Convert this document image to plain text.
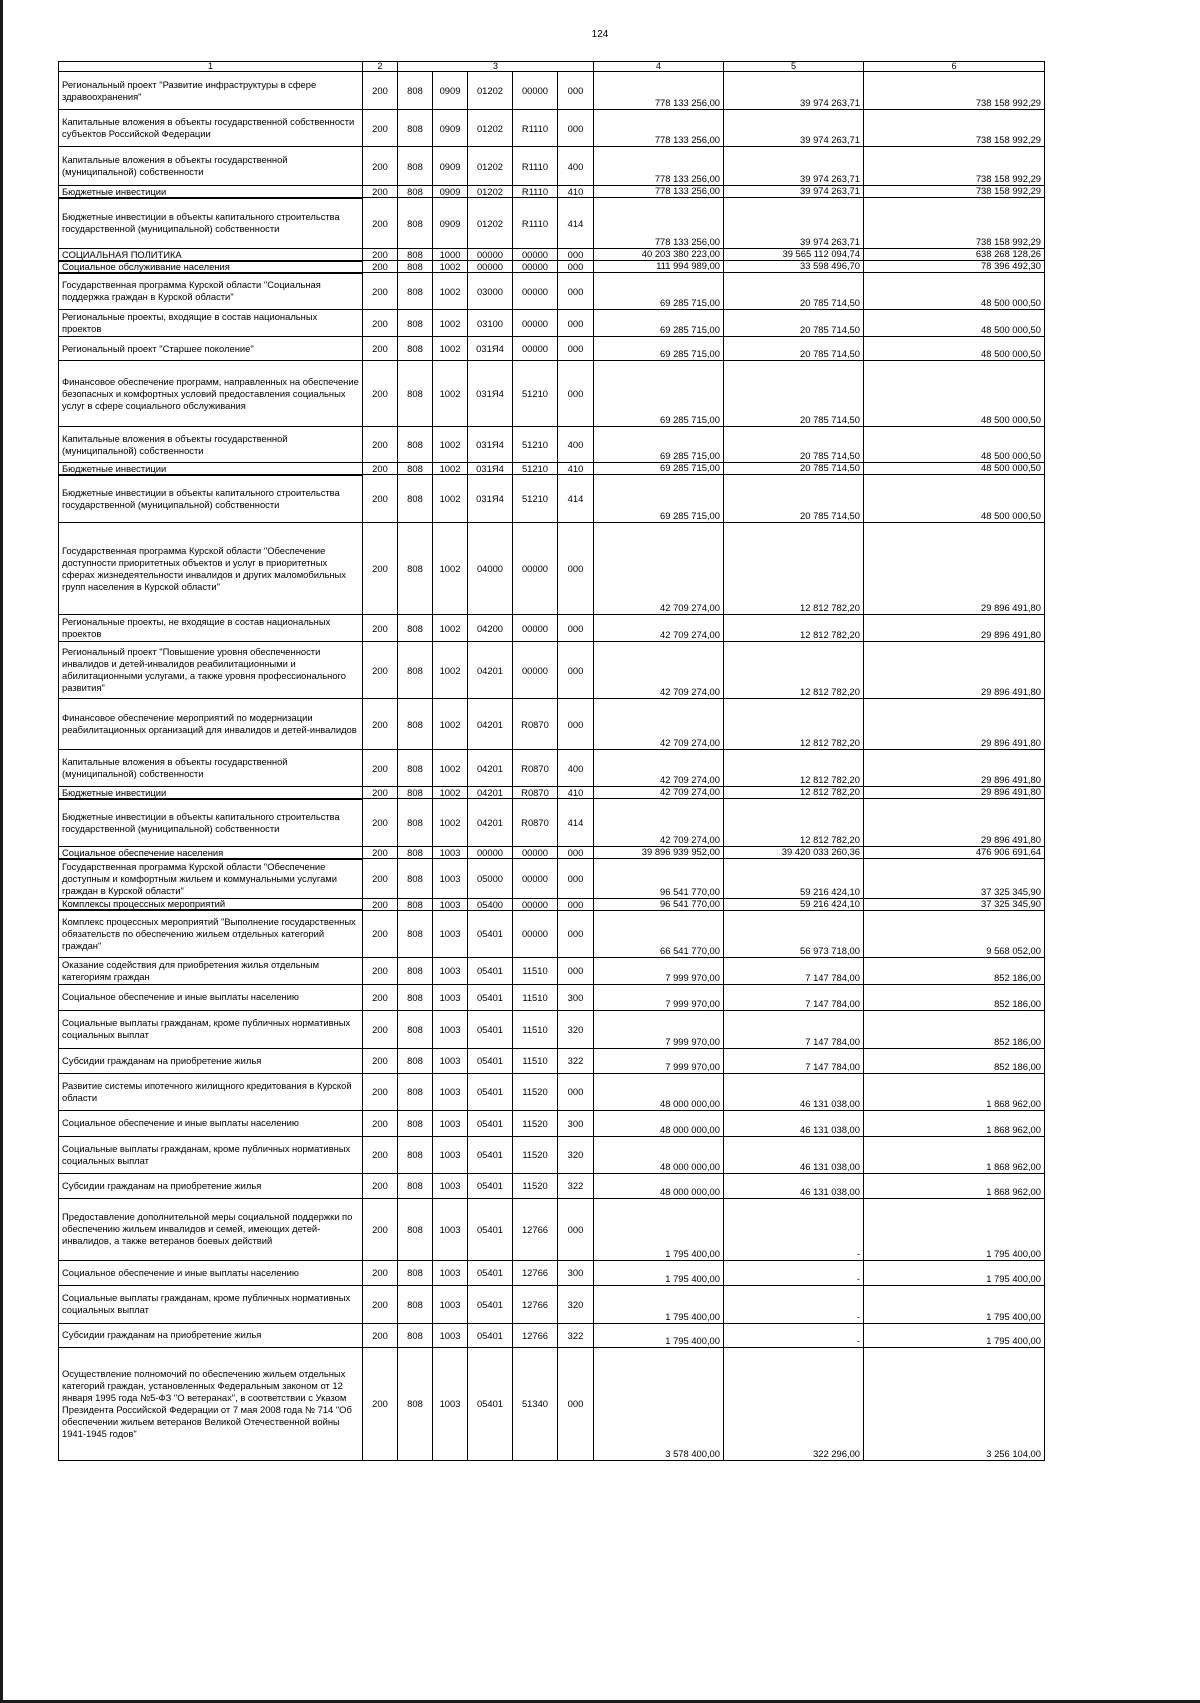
124
1	2	3					4	5	6
Региональный проект "Развитие инфраструктуры в сфере здравоохранения"	200	808	0909	01202	00000	000	778 133 256,00	39 974 263,71	738 158 992,29
Капитальные вложения в объекты государственной собственности субъектов Российской Федерации	200	808	0909	01202	R1110	000	778 133 256,00	39 974 263,71	738 158 992,29
Капитальные вложения в объекты государственной (муниципальной) собственности	200	808	0909	01202	R1110	400	778 133 256,00	39 974 263,71	738 158 992,29
Бюджетные инвестиции	200	808	0909	01202	R1110	410	778 133 256,00	39 974 263,71	738 158 992,29
Бюджетные инвестиции в объекты капитального строительства государственной (муниципальной) собственности	200	808	0909	01202	R1110	414	778 133 256,00	39 974 263,71	738 158 992,29
СОЦИАЛЬНАЯ ПОЛИТИКА	200	808	1000	00000	00000	000	40 203 380 223,00	39 565 112 094,74	638 268 128,26
Социальное обслуживание населения	200	808	1002	00000	00000	000	111 994 989,00	33 598 496,70	78 396 492,30
Государственная программа Курской области "Социальная поддержка граждан в Курской области"	200	808	1002	03000	00000	000	69 285 715,00	20 785 714,50	48 500 000,50
Региональные проекты, входящие в состав национальных проектов	200	808	1002	03100	00000	000	69 285 715,00	20 785 714,50	48 500 000,50
Региональный проект "Старшее поколение"	200	808	1002	031Я4	00000	000	69 285 715,00	20 785 714,50	48 500 000,50
Финансовое обеспечение программ, направленных на обеспечение безопасных и комфортных условий предоставления социальных услуг в сфере социального обслуживания	200	808	1002	031Я4	51210	000	69 285 715,00	20 785 714,50	48 500 000,50
Капитальные вложения в объекты государственной (муниципальной) собственности	200	808	1002	031Я4	51210	400	69 285 715,00	20 785 714,50	48 500 000,50
Бюджетные инвестиции	200	808	1002	031Я4	51210	410	69 285 715,00	20 785 714,50	48 500 000,50
Бюджетные инвестиции в объекты капитального строительства государственной (муниципальной) собственности	200	808	1002	031Я4	51210	414	69 285 715,00	20 785 714,50	48 500 000,50
Государственная программа Курской области "Обеспечение доступности приоритетных объектов и услуг в приоритетных сферах жизнедеятельности инвалидов и других маломобильных групп населения в Курской области"	200	808	1002	04000	00000	000	42 709 274,00	12 812 782,20	29 896 491,80
Региональные проекты, не входящие в состав национальных проектов	200	808	1002	04200	00000	000	42 709 274,00	12 812 782,20	29 896 491,80
Региональный проект "Повышение уровня обеспеченности инвалидов и детей-инвалидов реабилитационными и абилитационными услугами, а также уровня профессионального развития"	200	808	1002	04201	00000	000	42 709 274,00	12 812 782,20	29 896 491,80
Финансовое обеспечение мероприятий по модернизации реабилитационных организаций для инвалидов и детей-инвалидов	200	808	1002	04201	R0870	000	42 709 274,00	12 812 782,20	29 896 491,80
Капитальные вложения в объекты государственной (муниципальной) собственности	200	808	1002	04201	R0870	400	42 709 274,00	12 812 782,20	29 896 491,80
Бюджетные инвестиции	200	808	1002	04201	R0870	410	42 709 274,00	12 812 782,20	29 896 491,80
Бюджетные инвестиции в объекты капитального строительства государственной (муниципальной) собственности	200	808	1002	04201	R0870	414	42 709 274,00	12 812 782,20	29 896 491,80
Социальное обеспечение населения	200	808	1003	00000	00000	000	39 896 939 952,00	39 420 033 260,36	476 906 691,64
Государственная программа Курской области "Обеспечение доступным и комфортным жильем и коммунальными услугами граждан в Курской области"	200	808	1003	05000	00000	000	96 541 770,00	59 216 424,10	37 325 345,90
Комплексы процессных мероприятий	200	808	1003	05400	00000	000	96 541 770,00	59 216 424,10	37 325 345,90
Комплекс процессных мероприятий "Выполнение государственных обязательств по обеспечению жильем отдельных категорий граждан"	200	808	1003	05401	00000	000	66 541 770,00	56 973 718,00	9 568 052,00
Оказание содействия для приобретения жилья отдельным категориям граждан	200	808	1003	05401	11510	000	7 999 970,00	7 147 784,00	852 186,00
Социальное обеспечение и иные выплаты населению	200	808	1003	05401	11510	300	7 999 970,00	7 147 784,00	852 186,00
Социальные выплаты гражданам, кроме публичных нормативных социальных выплат	200	808	1003	05401	11510	320	7 999 970,00	7 147 784,00	852 186,00
Субсидии гражданам на приобретение жилья	200	808	1003	05401	11510	322	7 999 970,00	7 147 784,00	852 186,00
Развитие системы ипотечного жилищного кредитования в Курской области	200	808	1003	05401	11520	000	48 000 000,00	46 131 038,00	1 868 962,00
Социальное обеспечение и иные выплаты населению	200	808	1003	05401	11520	300	48 000 000,00	46 131 038,00	1 868 962,00
Социальные выплаты гражданам, кроме публичных нормативных социальных выплат	200	808	1003	05401	11520	320	48 000 000,00	46 131 038,00	1 868 962,00
Субсидии гражданам на приобретение жилья	200	808	1003	05401	11520	322	48 000 000,00	46 131 038,00	1 868 962,00
Предоставление дополнительной меры социальной поддержки по обеспечению жильем инвалидов и семей, имеющих детей-инвалидов, а также ветеранов боевых действий	200	808	1003	05401	12766	000	1 795 400,00	-	1 795 400,00
Социальное обеспечение и иные выплаты населению	200	808	1003	05401	12766	300	1 795 400,00	-	1 795 400,00
Социальные выплаты гражданам, кроме публичных нормативных социальных выплат	200	808	1003	05401	12766	320	1 795 400,00	-	1 795 400,00
Субсидии гражданам на приобретение жилья	200	808	1003	05401	12766	322	1 795 400,00	-	1 795 400,00
Осуществление полномочий по обеспечению жильем отдельных категорий граждан, установленных Федеральным законом от 12 января 1995 года №5-ФЗ "О ветеранах", в соответствии с Указом Президента Российской Федерации от 7 мая 2008 года № 714 "Об обеспечении жильем ветеранов Великой Отечественной войны 1941-1945 годов"	200	808	1003	05401	51340	000	3 578 400,00	322 296,00	3 256 104,00
